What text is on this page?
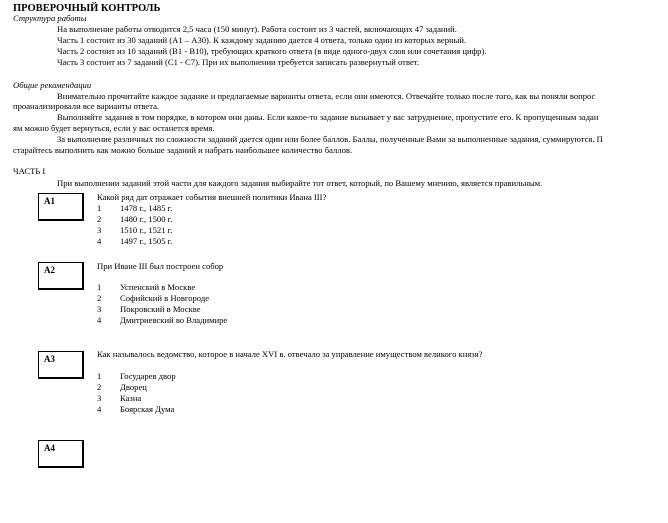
ПРОВЕРОЧНЫЙ КОНТРОЛЬ
Структура работы
На выполнение работы отводится 2,5 часа (150 минут). Работа состоит из 3 частей, включающих 47 заданий.
Часть 1 состоит из 30 заданий (А1 – А30). К каждому заданию дается 4 ответа, только один из которых верный.
Часть 2 состоит из 10 заданий (В1 - В10), требующих краткого ответа (в виде одного-двух слов или сочетания цифр).
Часть 3 состоит из 7 заданий (С1 - С7). При их выполнении требуется записать развернутый ответ.
Общие рекомендации
Внимательно прочитайте каждое задание и предлагаемые варианты ответа, если они имеются. Отвечайте только после того, как вы поняли вопрос
проанализировали все варианты ответа.
Выполняйте задания в том порядке, в котором они даны. Если какое-то задание вызывает у вас затруднение, пропустите его. К пропущенным задан
ям можно будет вернуться, если у вас останется время.
За выполнение различных по сложности заданий дается один или более баллов. Баллы, полученные Вами за выполненные задания, суммируются. П
старайтесь выполнить как можно больше заданий и набрать наибольшее количество баллов.
ЧАСТЬ I
При выполнении заданий этой части для каждого задания выбирайте тот ответ, который, по Вашему мнению, является правильным.
А1	Какой ряд дат отражает события внешней политики Ивана III?
1 1478 г., 1485 г.
2 1480 г., 1500 г.
3 1510 г., 1521 г.
4 1497 г., 1505 г.
А2	При Иване III был построен собор
1 Успенский в Москве
2 Софийский в Новгороде
3 Покровский в Москве
4 Дмитриевский во Владимире
А3	Как называлось ведомство, которое в начале XVI в. отвечало за управление имуществом великого князя?
1 Государев двор
2 Дворец
3 Казна
4 Боярская Дума
А4
